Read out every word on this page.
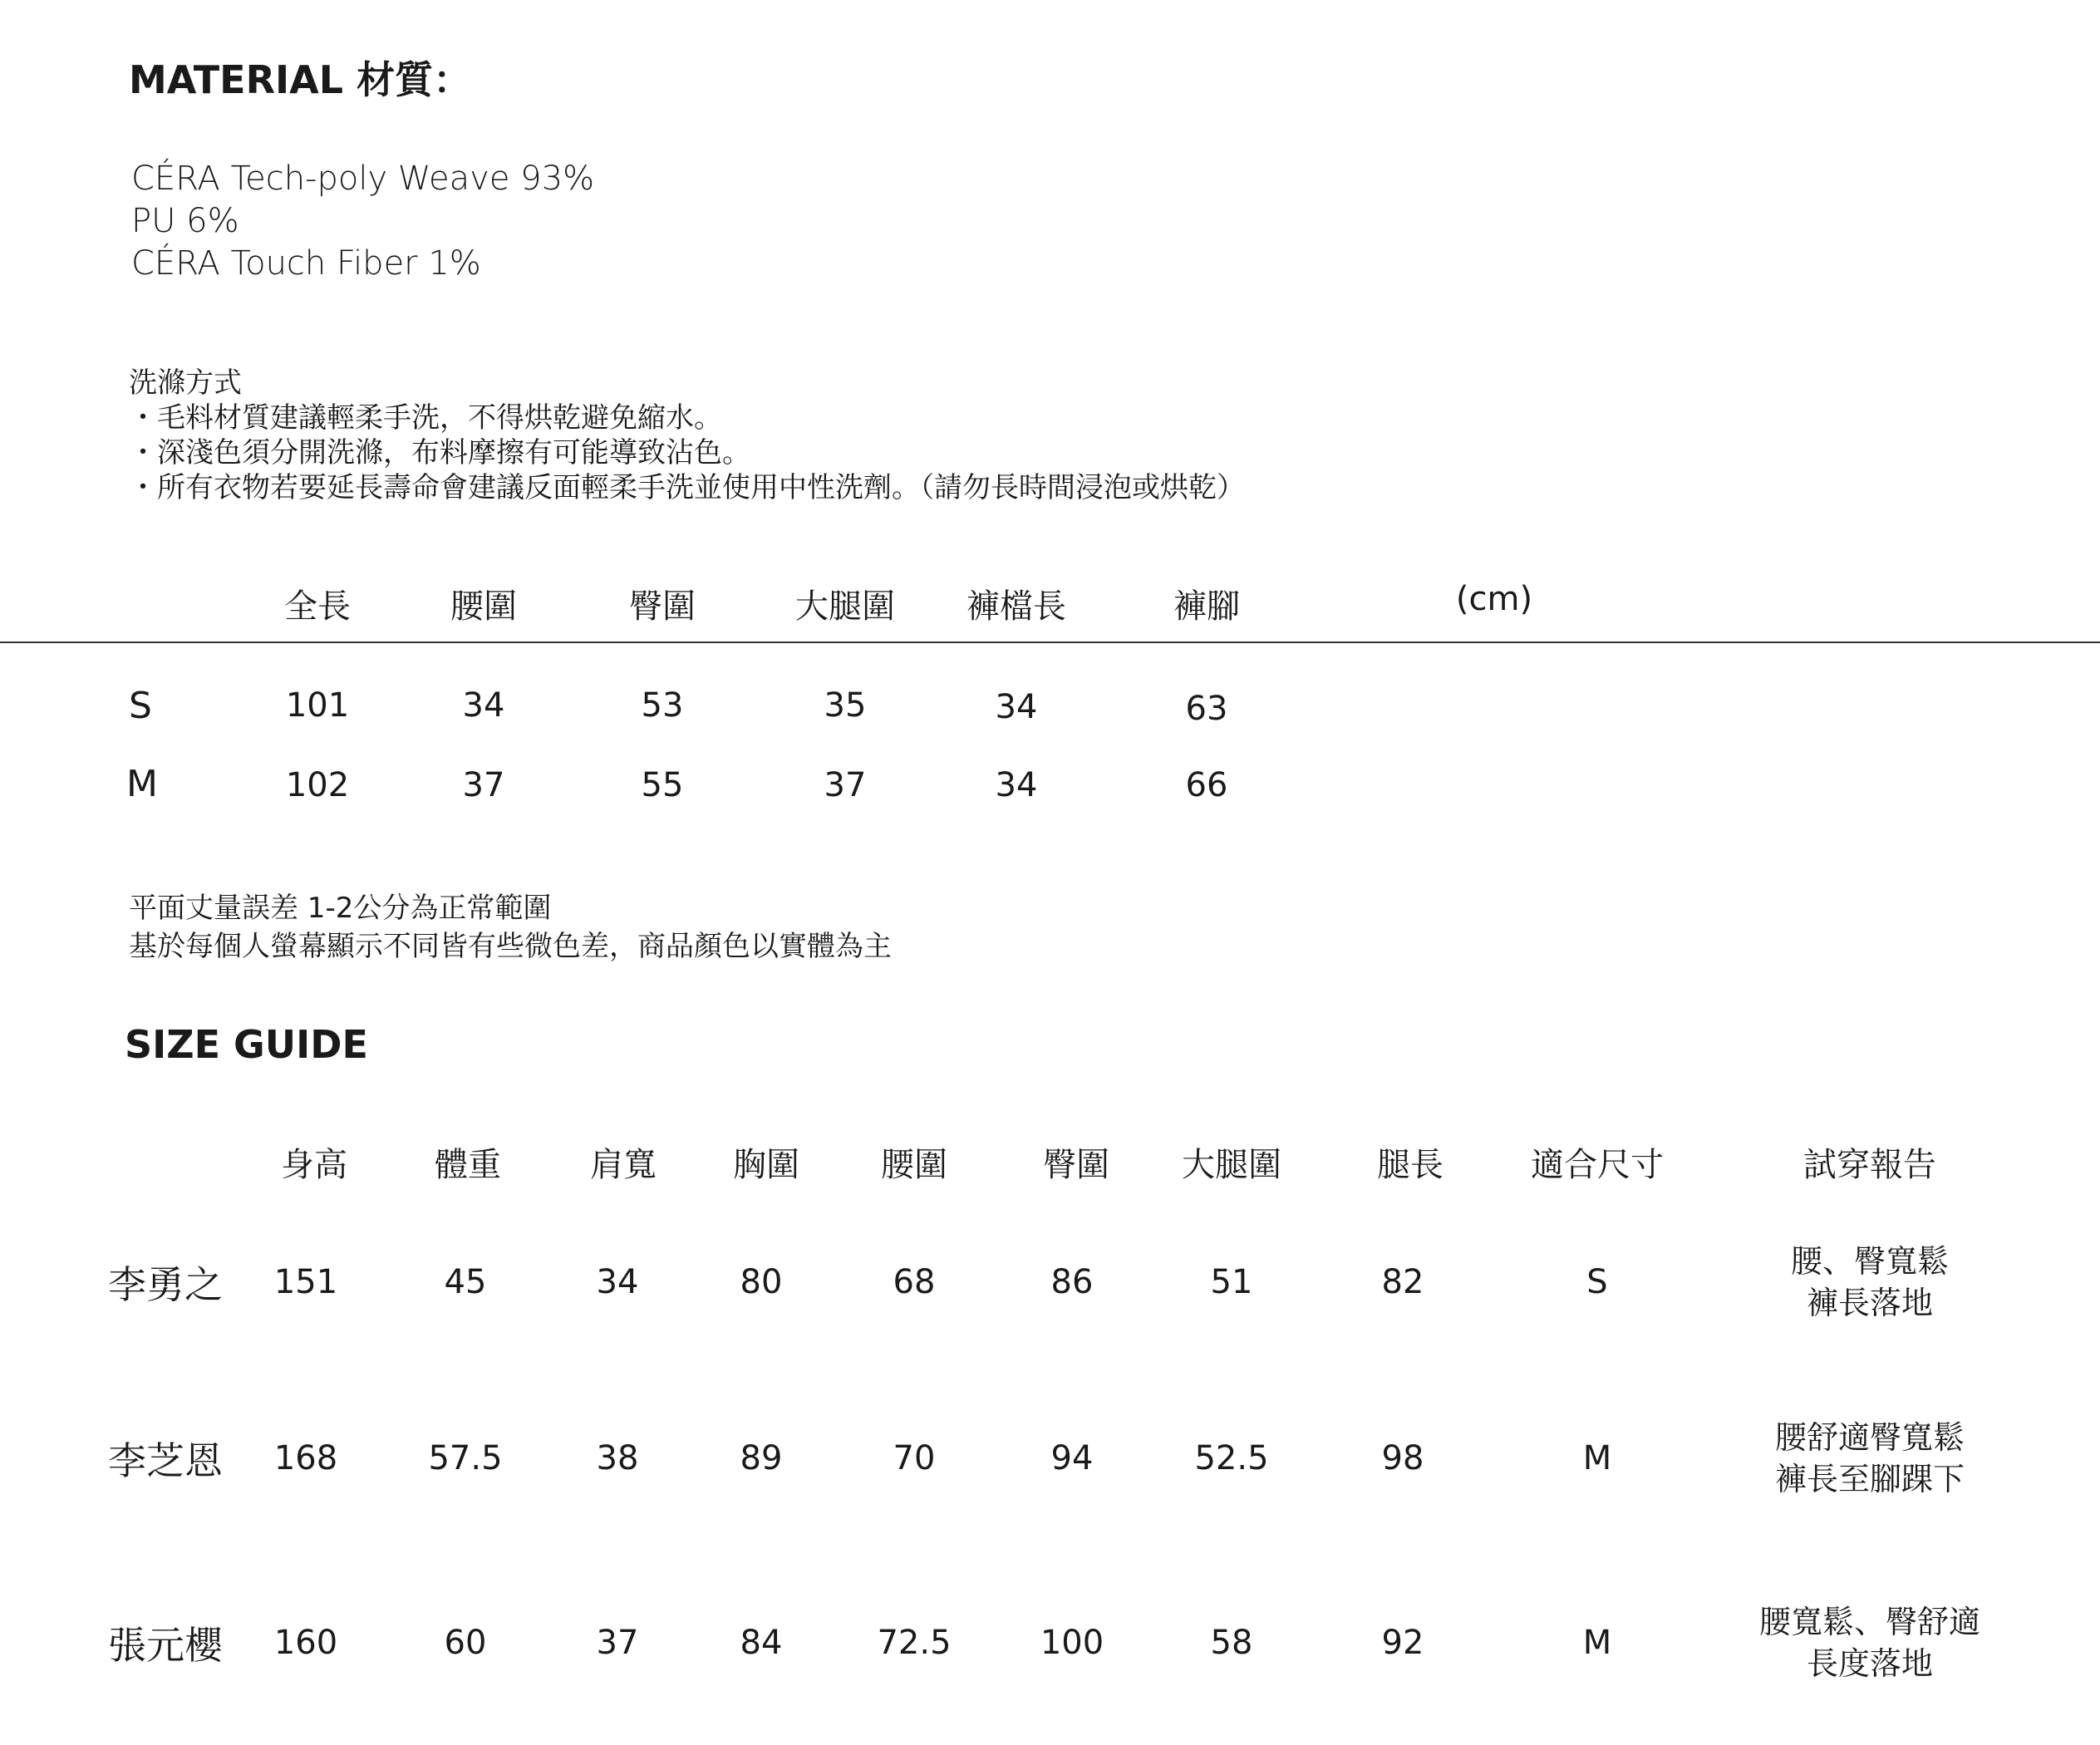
MATERIAL 材質：
CÉRA Tech-poly Weave 93%
PU 6%
CÉRA Touch Fiber 1%
洗滌方式
・毛料材質建議輕柔手洗，不得烘乾避免縮水。
・深淺色須分開洗滌，布料摩擦有可能導致沾色。
・所有衣物若要延長壽命會建議反面輕柔手洗並使用中性洗劑。（請勿長時間浸泡或烘乾）
全長	腰圍	臀圍	大腿圍 褲檔長	褲腳	(cm)
S	101	34	53	35	34	63
M	102	37	55	37	34	66
平面丈量誤差 1-2公分為正常範圍
基於每個人螢幕顯示不同皆有些微色差，商品顏色以實體為主
SIZE GUIDE
身高	體重	肩寬 胸圍 腰圍	臀圍 大腿圍	腿長	適合尺寸	試穿報告
李勇之 151	45	34	80	68	86	51	82	S
腰、臀寬鬆
褲長落地
李芝恩 168	57.5	38	89	70	94	52.5	98	M
腰舒適臀寬鬆
褲長至腳踝下
張元櫻 160	60	37	84	72.5	100	58	92	M
腰寬鬆、臀舒適
長度落地
